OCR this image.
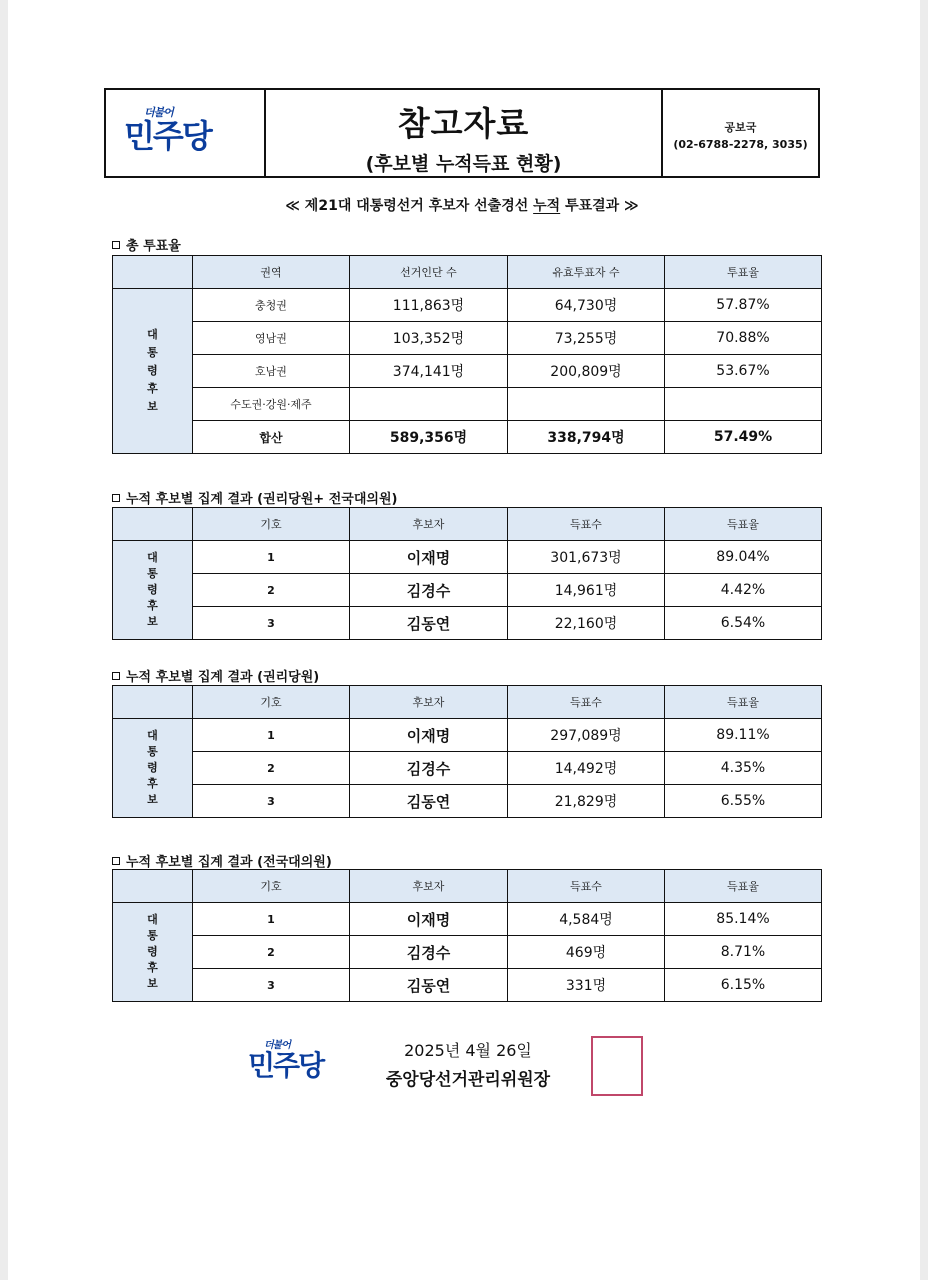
더불어
민주당	참고자료
(후보별 누적득표 현황)
공보국
(02-6788-2278, 3035)
≪ 제21대 대통령선거 후보자 선출경선 누적 투표결과 ≫
총 투표율
	권역	선거인단 수	유효투표자 수	투표율

대
통
령
후
보	충청권	111,863명	64,730명	57.87%
	영남권	103,352명	73,255명	70.88%
	호남권	374,141명	200,809명	53.67%
	수도권·강원·제주			
	합산	589,356명	338,794명	57.49%
누적 후보별 집계 결과 (권리당원+ 전국대의원)
	기호	후보자	득표수	득표율

대
통
령
후
보	1	이재명	301,673명	89.04%
	2	김경수	14,961명	4.42%
	3	김동연	22,160명	6.54%
누적 후보별 집계 결과 (권리당원)
	기호	후보자	득표수	득표율

대
통
령
후
보	1	이재명	297,089명	89.11%
	2	김경수	14,492명	4.35%
	3	김동연	21,829명	6.55%
누적 후보별 집계 결과 (전국대의원)
	기호	후보자	득표수	득표율

대
통
령
후
보	1	이재명	4,584명	85.14%
	2	김경수	469명	8.71%
	3	김동연	331명	6.15%
더불어
민주당	2025년 4월 26일
중앙당선거관리위원장
